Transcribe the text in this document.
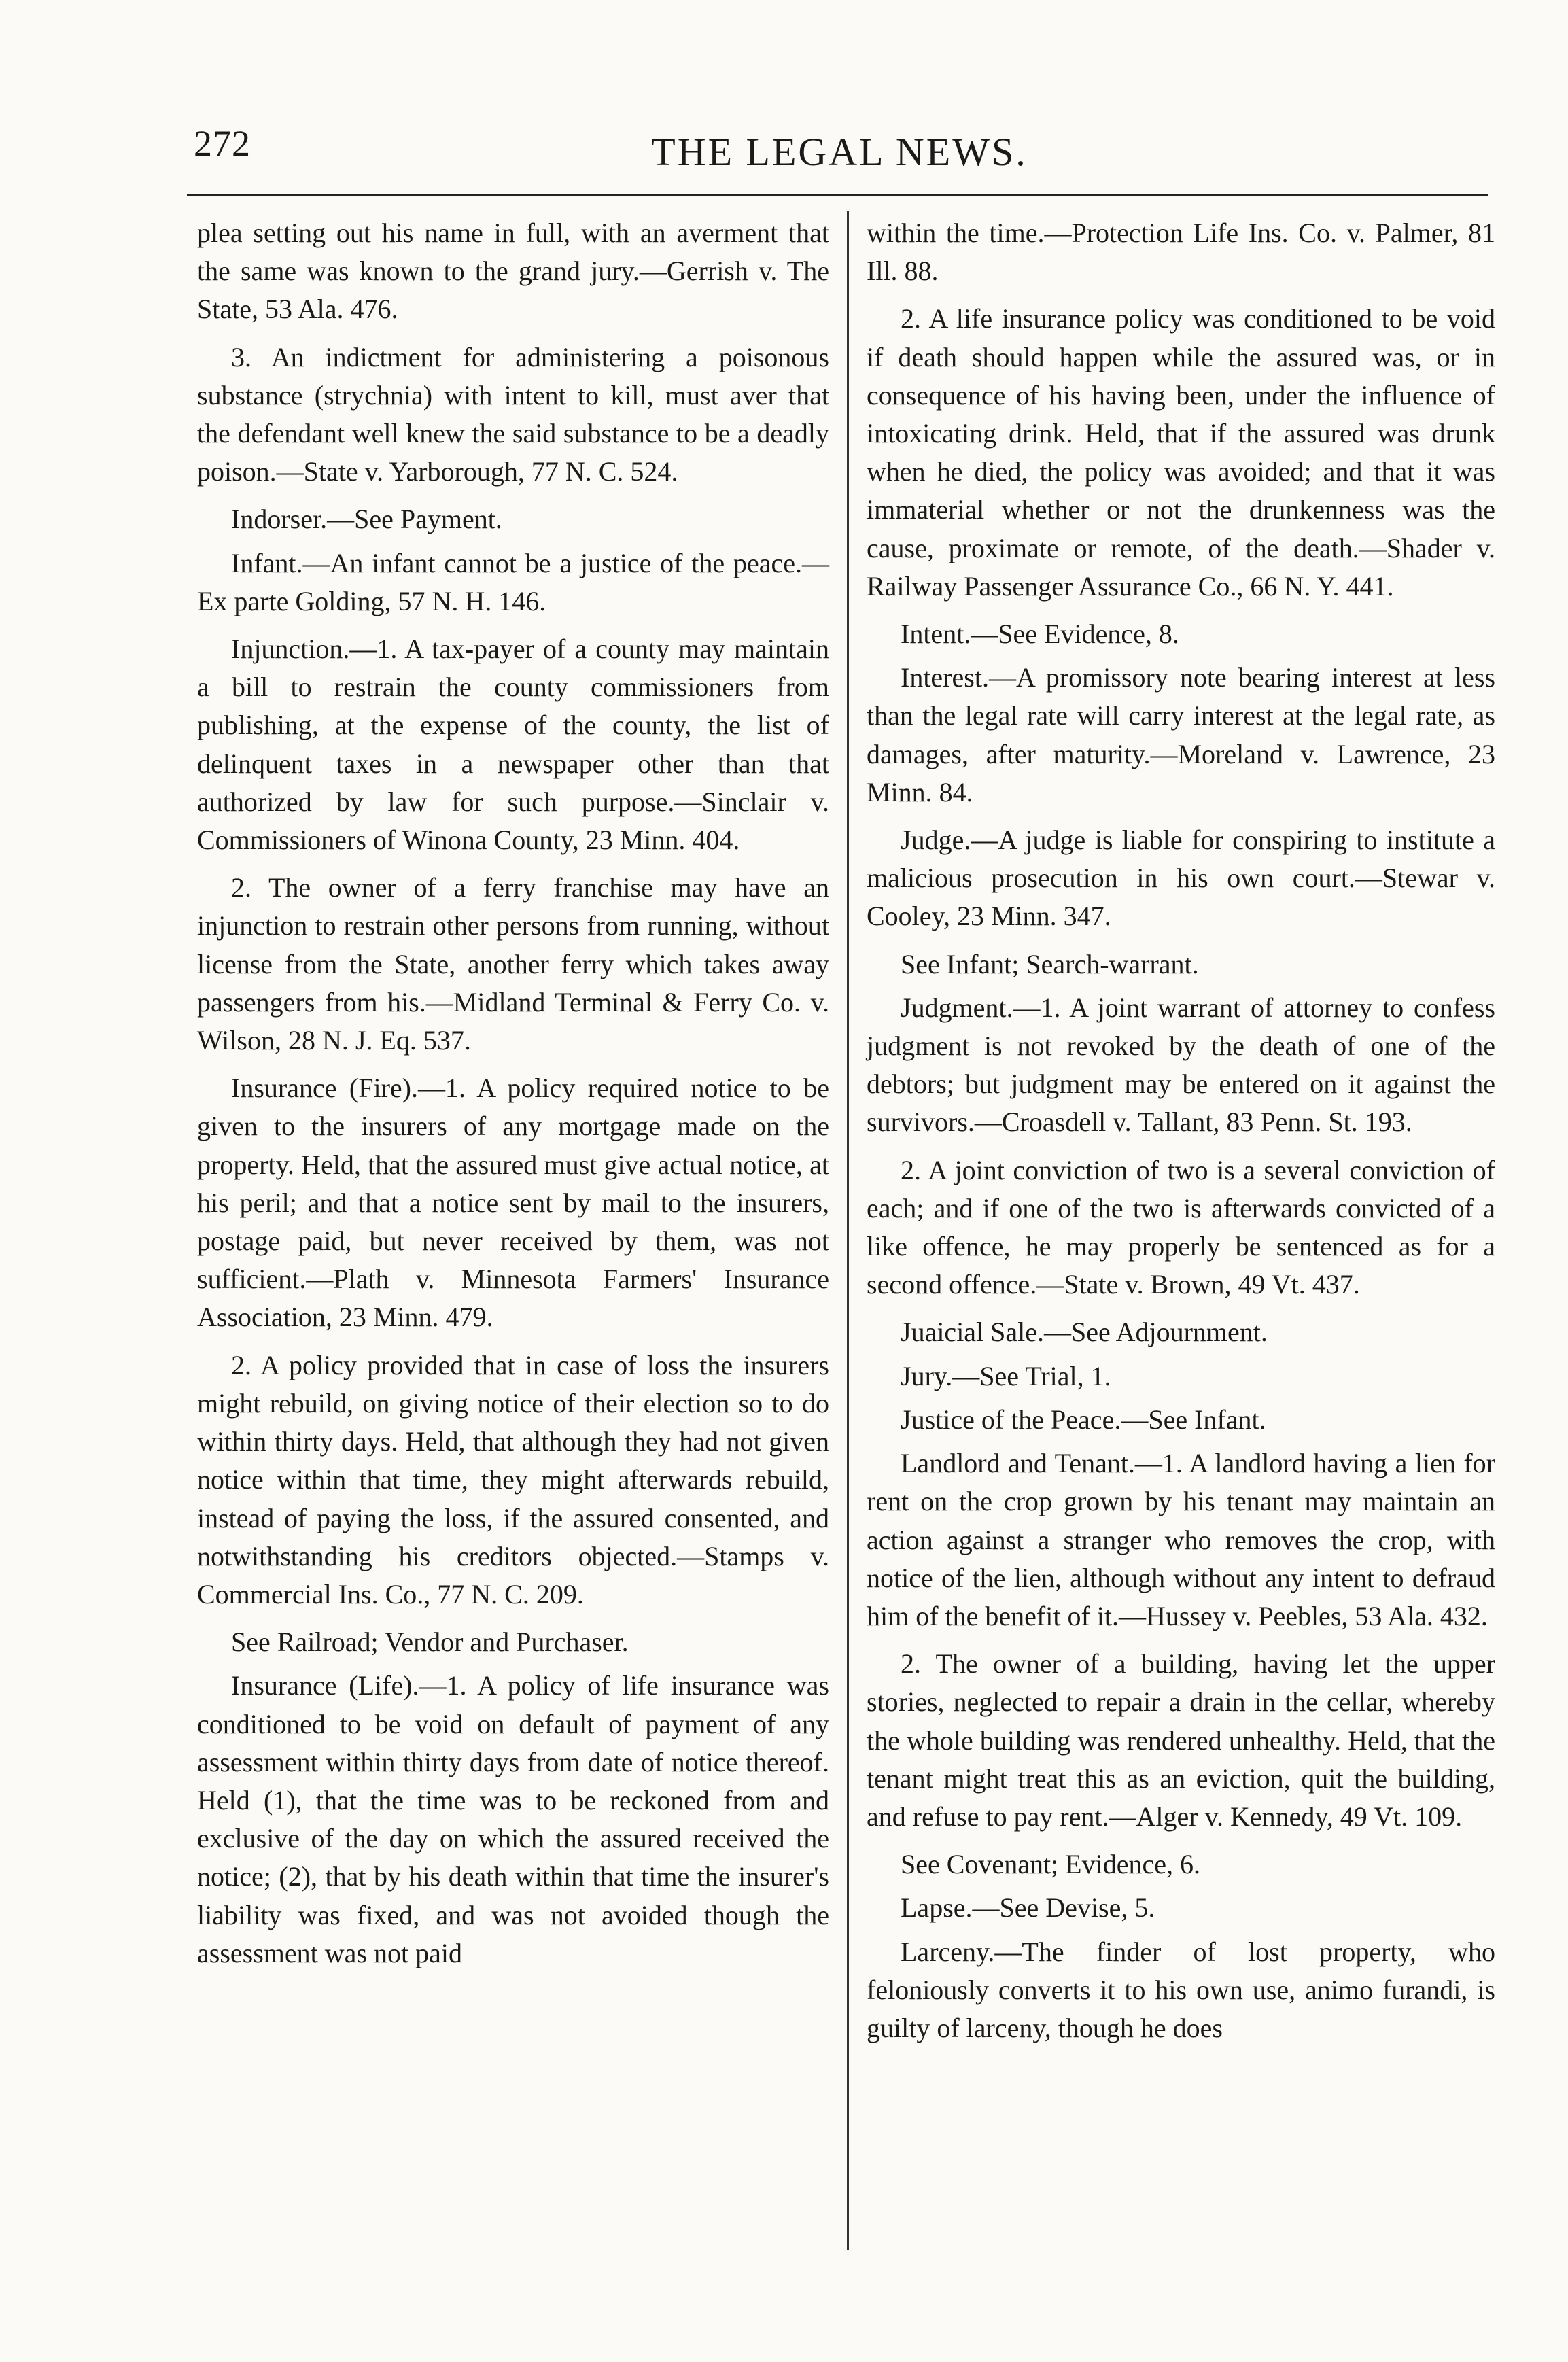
272	THE LEGAL NEWS.

plea setting out his name in full, with an averment that the same was known to the grand jury.—Gerrish v. The State, 53 Ala. 476.

3. An indictment for administering a poisonous substance (strychnia) with intent to kill, must aver that the defendant well knew the said substance to be a deadly poison.—State v. Yarborough, 77 N. C. 524.

Indorser.—See Payment.

Infant.—An infant cannot be a justice of the peace.—Ex parte Golding, 57 N. H. 146.

Injunction.—1. A tax-payer of a county may maintain a bill to restrain the county commissioners from publishing, at the expense of the county, the list of delinquent taxes in a newspaper other than that authorized by law for such purpose.—Sinclair v. Commissioners of Winona County, 23 Minn. 404.

2. The owner of a ferry franchise may have an injunction to restrain other persons from running, without license from the State, another ferry which takes away passengers from his.—Midland Terminal & Ferry Co. v. Wilson, 28 N. J. Eq. 537.

Insurance (Fire).—1. A policy required notice to be given to the insurers of any mortgage made on the property. Held, that the assured must give actual notice, at his peril; and that a notice sent by mail to the insurers, postage paid, but never received by them, was not sufficient.—Plath v. Minnesota Farmers' Insurance Association, 23 Minn. 479.

2. A policy provided that in case of loss the insurers might rebuild, on giving notice of their election so to do within thirty days. Held, that although they had not given notice within that time, they might afterwards rebuild, instead of paying the loss, if the assured consented, and notwithstanding his creditors objected.—Stamps v. Commercial Ins. Co., 77 N. C. 209.

See Railroad; Vendor and Purchaser.

Insurance (Life).—1. A policy of life insurance was conditioned to be void on default of payment of any assessment within thirty days from date of notice thereof. Held (1), that the time was to be reckoned from and exclusive of the day on which the assured received the notice; (2), that by his death within that time the insurer's liability was fixed, and was not avoided though the assessment was not paid

within the time.—Protection Life Ins. Co. v. Palmer, 81 Ill. 88.

2. A life insurance policy was conditioned to be void if death should happen while the assured was, or in consequence of his having been, under the influence of intoxicating drink. Held, that if the assured was drunk when he died, the policy was avoided; and that it was immaterial whether or not the drunkenness was the cause, proximate or remote, of the death.—Shader v. Railway Passenger Assurance Co., 66 N. Y. 441.

Intent.—See Evidence, 8.

Interest.—A promissory note bearing interest at less than the legal rate will carry interest at the legal rate, as damages, after maturity.—Moreland v. Lawrence, 23 Minn. 84.

Judge.—A judge is liable for conspiring to institute a malicious prosecution in his own court.—Stewar v. Cooley, 23 Minn. 347.

See Infant; Search-warrant.

Judgment.—1. A joint warrant of attorney to confess judgment is not revoked by the death of one of the debtors; but judgment may be entered on it against the survivors.—Croasdell v. Tallant, 83 Penn. St. 193.

2. A joint conviction of two is a several conviction of each; and if one of the two is afterwards convicted of a like offence, he may properly be sentenced as for a second offence.—State v. Brown, 49 Vt. 437.

Juaicial Sale.—See Adjournment.

Jury.—See Trial, 1.

Justice of the Peace.—See Infant.

Landlord and Tenant.—1. A landlord having a lien for rent on the crop grown by his tenant may maintain an action against a stranger who removes the crop, with notice of the lien, although without any intent to defraud him of the benefit of it.—Hussey v. Peebles, 53 Ala. 432.

2. The owner of a building, having let the upper stories, neglected to repair a drain in the cellar, whereby the whole building was rendered unhealthy. Held, that the tenant might treat this as an eviction, quit the building, and refuse to pay rent.—Alger v. Kennedy, 49 Vt. 109.

See Covenant; Evidence, 6.

Lapse.—See Devise, 5.

Larceny.—The finder of lost property, who feloniously converts it to his own use, animo furandi, is guilty of larceny, though he does
